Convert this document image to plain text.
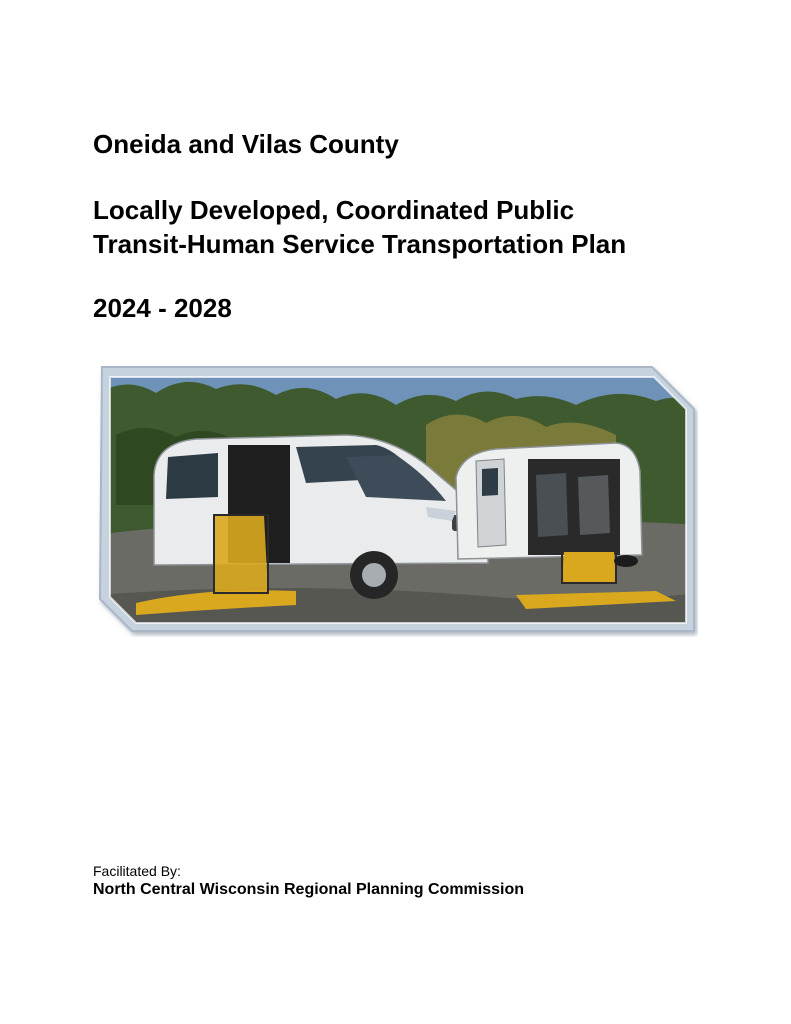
Oneida and Vilas County
Locally Developed, Coordinated Public
Transit-Human Service Transportation Plan
2024 - 2028
Facilitated By:
North Central Wisconsin Regional Planning Commission
